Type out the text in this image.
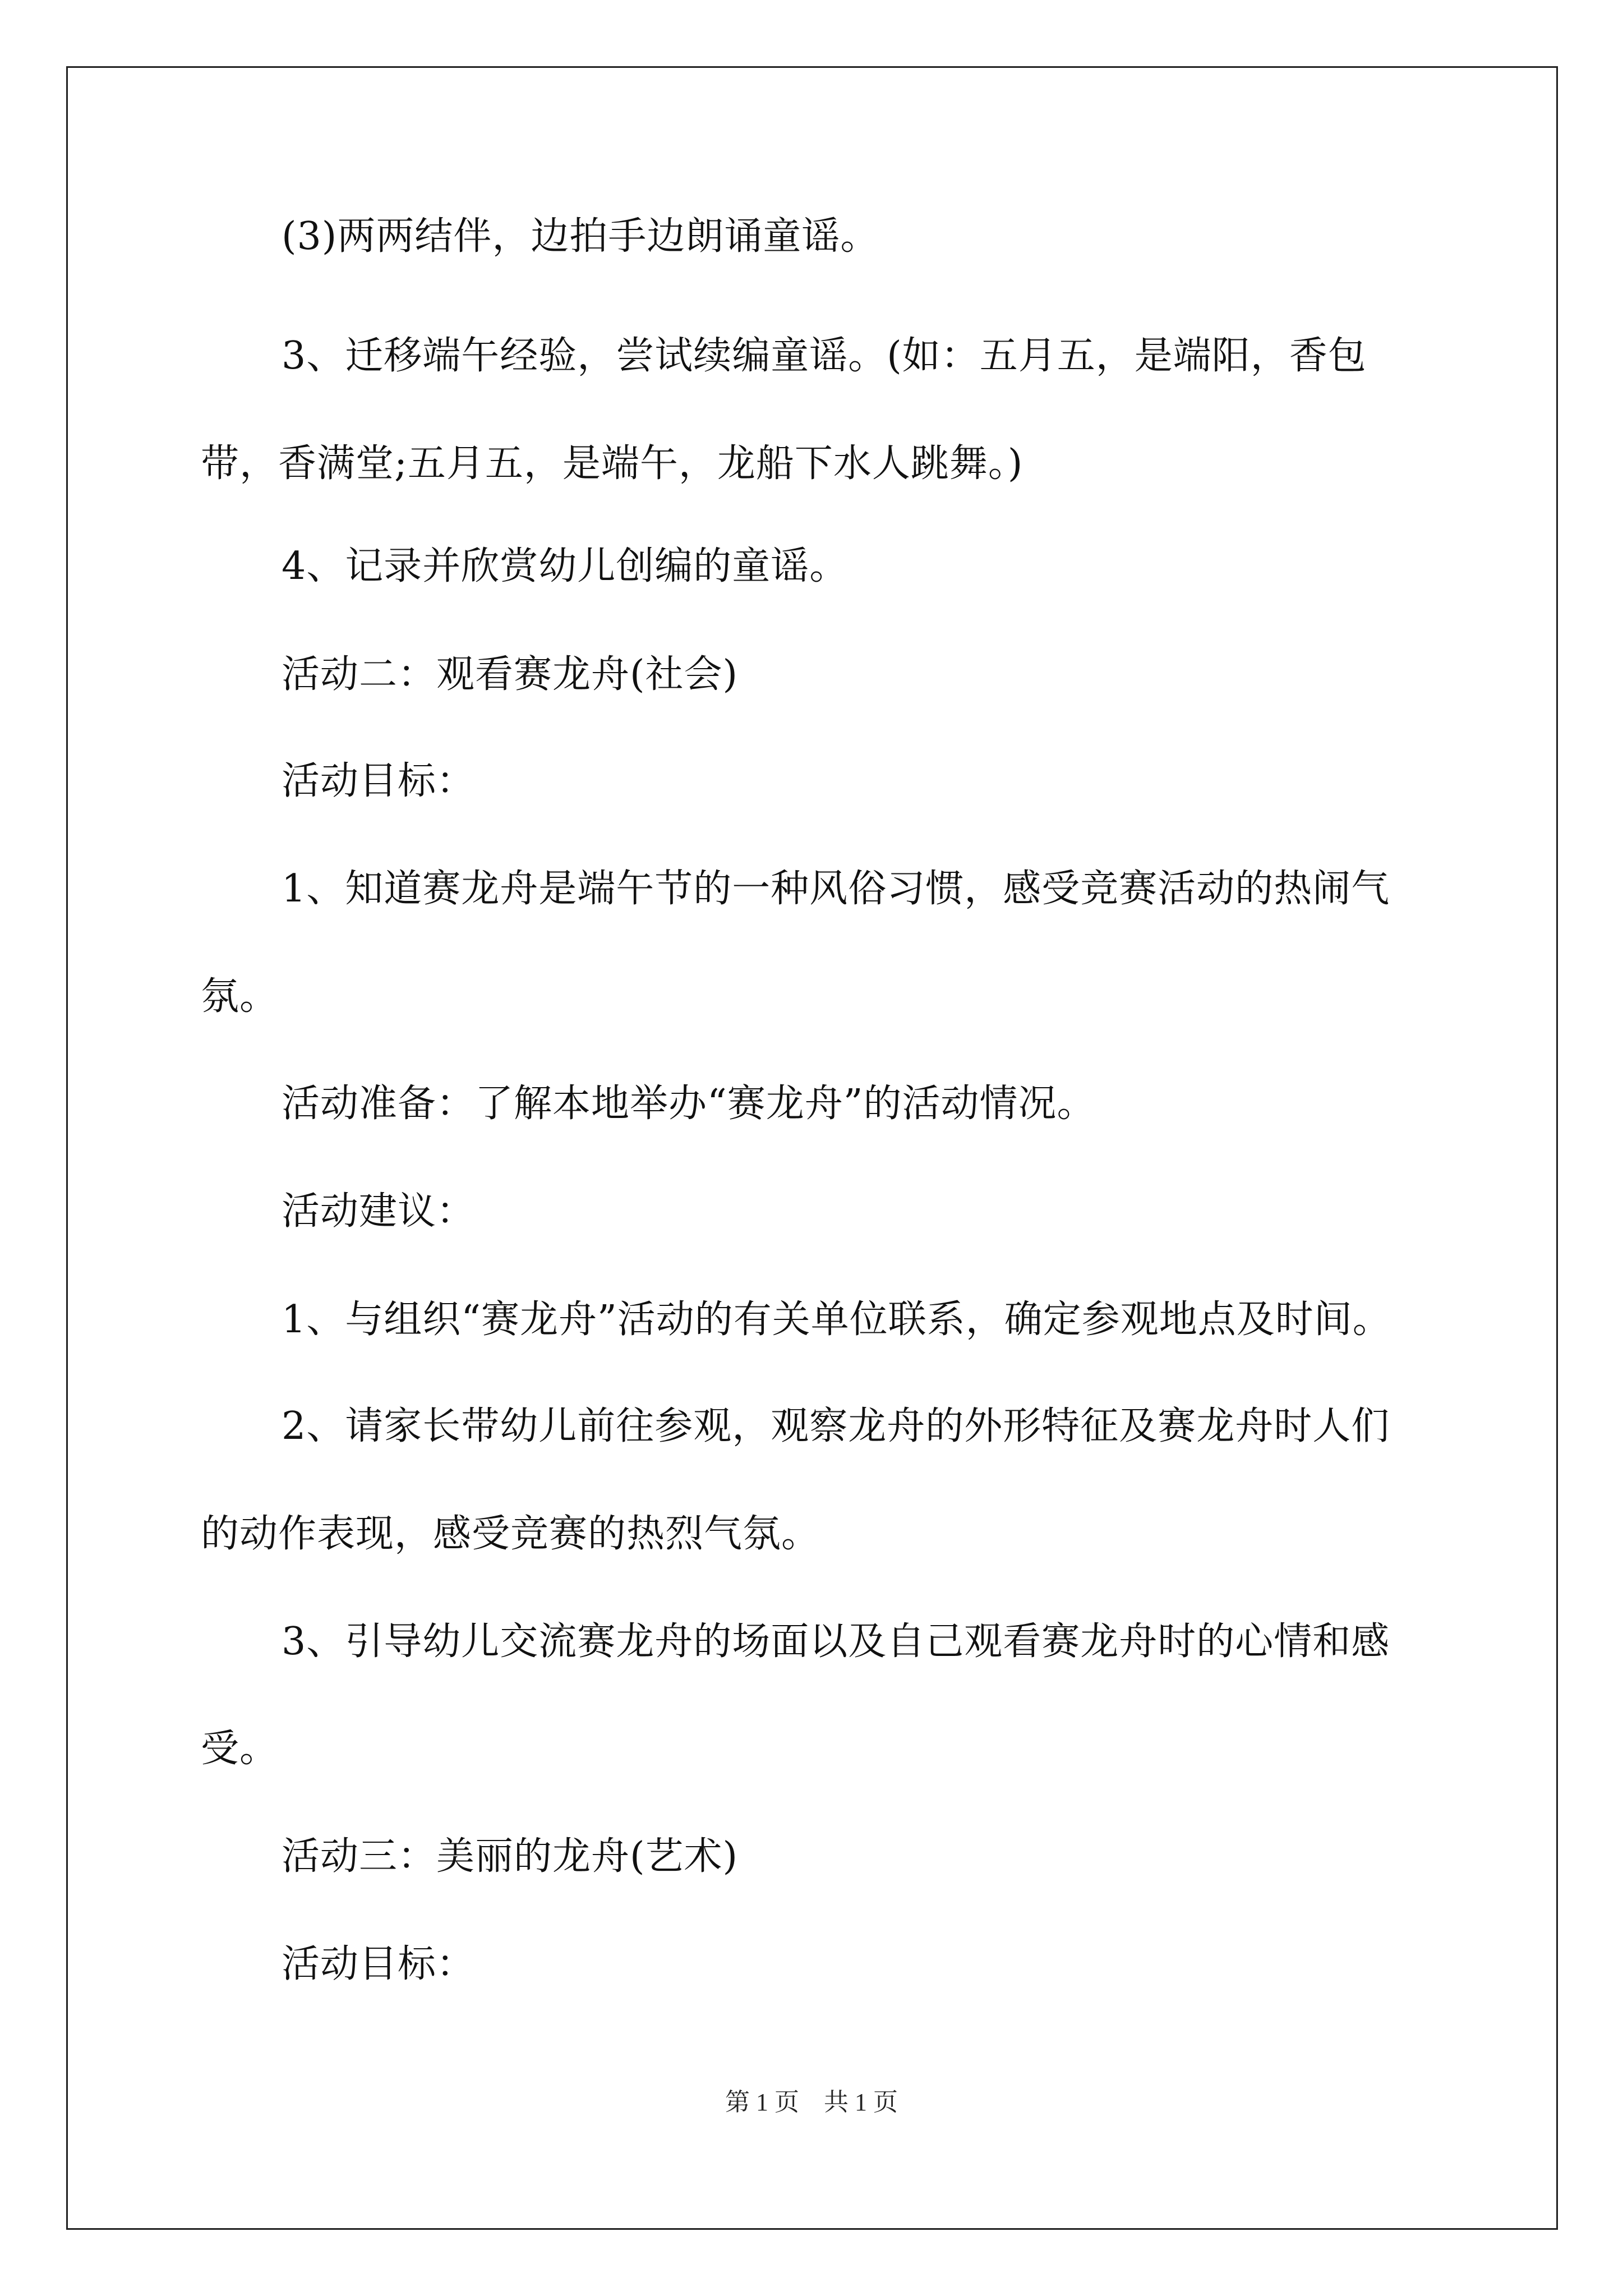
(3)两两结伴，边拍手边朗诵童谣。

3、迁移端午经验，尝试续编童谣。(如：五月五，是端阳，香包

带，香满堂;五月五，是端午，龙船下水人跳舞。)

4、记录并欣赏幼儿创编的童谣。

活动二：观看赛龙舟(社会)

活动目标：

1、知道赛龙舟是端午节的一种风俗习惯，感受竞赛活动的热闹气

氛。

活动准备：了解本地举办“赛龙舟”的活动情况。

活动建议：

1、与组织“赛龙舟”活动的有关单位联系，确定参观地点及时间。

2、请家长带幼儿前往参观，观察龙舟的外形特征及赛龙舟时人们

的动作表现，感受竞赛的热烈气氛。

3、引导幼儿交流赛龙舟的场面以及自己观看赛龙舟时的心情和感

受。

活动三：美丽的龙舟(艺术)

活动目标：

第 1 页　共 1 页
